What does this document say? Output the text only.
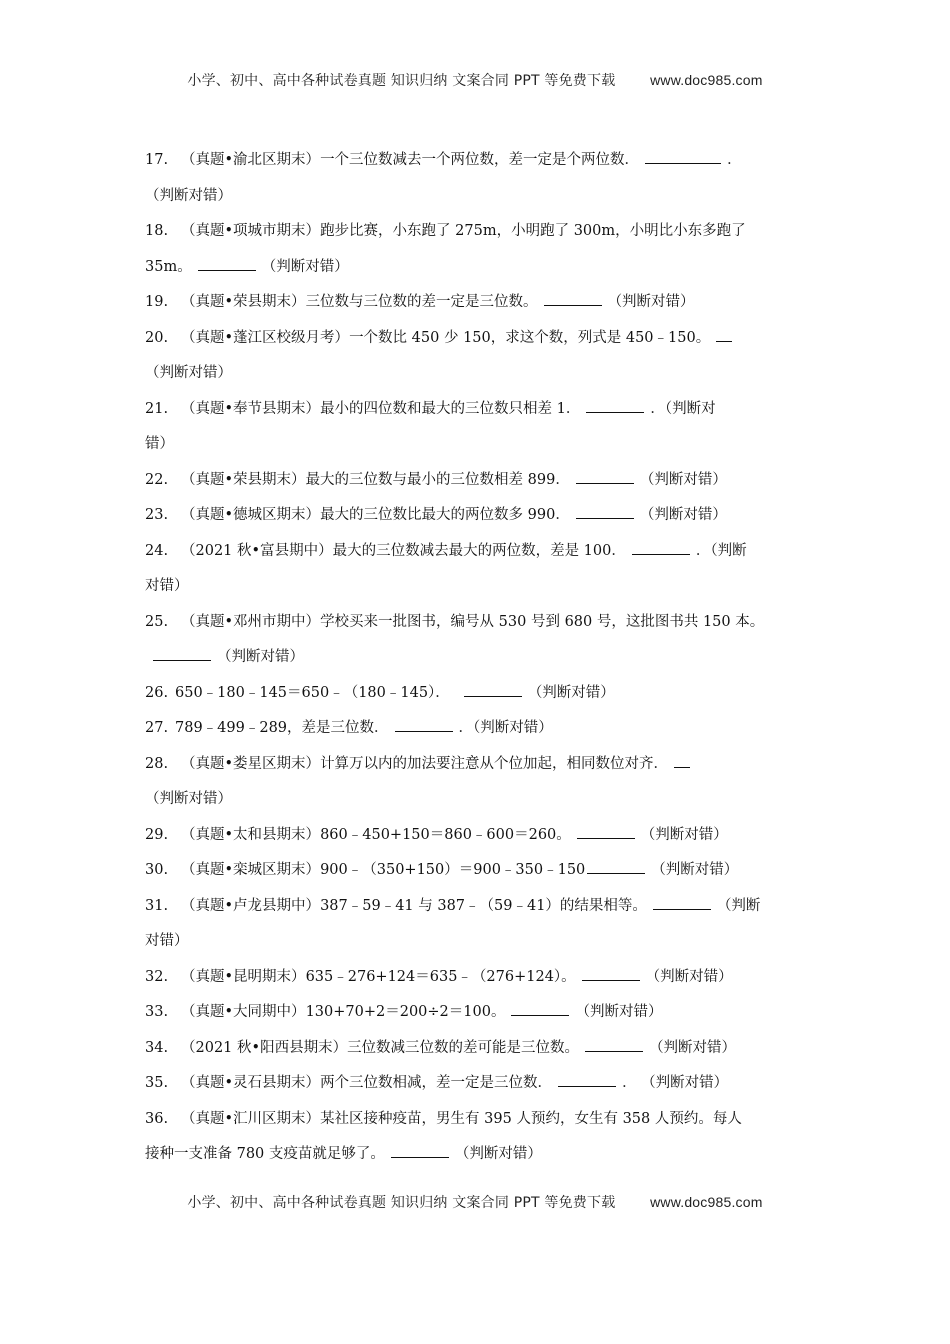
小学、初中、高中各种试卷真题 知识归纳 文案合同 PPT 等免费下载 www.doc985.com
17. （真题•渝北区期末）一个三位数减去一个两位数，差一定是个两位数．	．
（判断对错）
18. （真题•项城市期末）跑步比赛，小东跑了 275m，小明跑了 300m，小明比小东多跑了
35m。	（判断对错）
19. （真题•荣县期末）三位数与三位数的差一定是三位数。	（判断对错）
20. （真题•蓬江区校级月考）一个数比 450 少 150，求这个数，列式是 450﹣150。
（判断对错）
21. （真题•奉节县期末）最小的四位数和最大的三位数只相差 1．	．（判断对
错）
22. （真题•荣县期末）最大的三位数与最小的三位数相差 899．	（判断对错）
23. （真题•德城区期末）最大的三位数比最大的两位数多 990．	（判断对错）
24. （2021 秋•富县期中）最大的三位数减去最大的两位数，差是 100．	．（判断
对错）
25. （真题•邓州市期中）学校买来一批图书，编号从 530 号到 680 号，这批图书共 150 本。
（判断对错）
26. 650﹣180﹣145＝650﹣（180﹣145）．	（判断对错）
27. 789﹣499﹣289，差是三位数．	．（判断对错）
28. （真题•娄星区期末）计算万以内的加法要注意从个位加起，相同数位对齐．
（判断对错）
29. （真题•太和县期末）860﹣450+150＝860﹣600＝260。	（判断对错）
30. （真题•栾城区期末）900﹣（350+150）＝900﹣350﹣150	（判断对错）
31. （真题•卢龙县期中）387﹣59﹣41 与 387﹣（59﹣41）的结果相等。	（判断
对错）
32. （真题•昆明期末）635﹣276+124＝635﹣（276+124）。	（判断对错）
33. （真题•大同期中）130+70+2＝200÷2＝100。	（判断对错）
34. （2021 秋•阳西县期末）三位数减三位数的差可能是三位数。	（判断对错）
35. （真题•灵石县期末）两个三位数相减，差一定是三位数．	． （判断对错）
36. （真题•汇川区期末）某社区接种疫苗，男生有 395 人预约，女生有 358 人预约。每人
接种一支准备 780 支疫苗就足够了。	（判断对错）
小学、初中、高中各种试卷真题 知识归纳 文案合同 PPT 等免费下载 www.doc985.com
